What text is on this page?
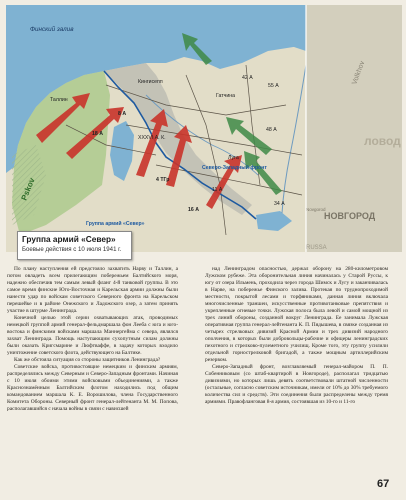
Финский залив
Таллин
Кингисепп
Гатчина
Луга
42 А
55 А
48 А
8 А
18 А
XXXVI А. К.
4 ТГр
11 А
16 А
34 А
Северо-Западный фронт
Группа армий «Север»
НОВГОРОД
Novgorod
ловод
Volkhov
RUSSA
Pskov
Группа армий «Север»
Боевые действия с 10 июля 1941 г.

По плану наступления ей предстояло захватить Нарву и Таллин, а потом овладеть всем прилегающим побережьем Балтийского моря, надежно обеспечив тем самым левый фланг 4-й танковой группы. В это самое время финские Юго-Восточная и Карельская армии должны были нанести удар по войскам советского Северного фронта на Карельском перешейке и в районе Онежского и Ладожского озер, а затем принять участие в штурме Ленинграда.

Конечной целью этой серии охватывающих атак, проводимых немецкой группой армий генерал-фельдмаршала фон Лееба с юга и юго-востока и финскими войсками маршала Маннергейма с севера, являлся захват Ленинграда. Помощь наступающим сухопутным силам должны были оказать Кригсмарине и Люфтваффе, в задачу которых входило уничтожение советского флота, действующего на Балтике.

Как же обстояла ситуация со стороны защитников Ленинграда?

Советские войска, противостоящие немецким и финским армиям, распределялись между Северным и Северо-Западным фронтами. Начиная с 10 июля обоими этими войсковыми объединениями, а также Краснознамённым Балтийским флотом находились под общим командованием маршала К. Е. Ворошилова, члена Государственного Комитета Обороны. Северный фронт генерал-лейтенанта М. М. Попова, располагавшийся с начала войны в связи с нависшей

над Ленинградом опасностью, держал оборону на 280-километровом Лужском рубеже. Эта оборонительная линия начиналась у Старой Руссы, к югу от озера Ильмень, проходила через города Шимск и Лугу и заканчивалась в Нарве, на побережье Финского залива. Протекая по труднопроходимой местности, покрытой лесами и торфяниками, данная линия включала многочисленные траншеи, искусственные противотанковые препятствия и укрепленные огневые точки. Лужская полоса была левой и самой мощной из трех линий обороны, созданной вокруг Ленинграда. Ее занимала Лужская оперативная группа генерал-лейтенанта К. П. Пядышева, в связке созданная из четырех стрелковых дивизий Красной Армии и трех дивизий народного ополчения, в которых были добровольцы-рабочие и офицеры ленинградских пехотного и стрелково-пулеметного училищ. Кроме того, эту группу усилили отдельной горнострелковой бригадой, а также мощным артиллерийским резервом.

Северо-Западный фронт, возглавляемый генерал-майором П. П. Собенниковым (со штаб-квартирой в Новгороде), располагал тридцатью дивизиями, но которых лишь девять соответствовали штатной численности (остальные, согласно советским источникам, имели от 10% до 30% требуемого количества сил и средств). Эти соединения были распределены между тремя армиями. Правофланговая 8-я армия, состоявшая из 10-го и 11-го

67
